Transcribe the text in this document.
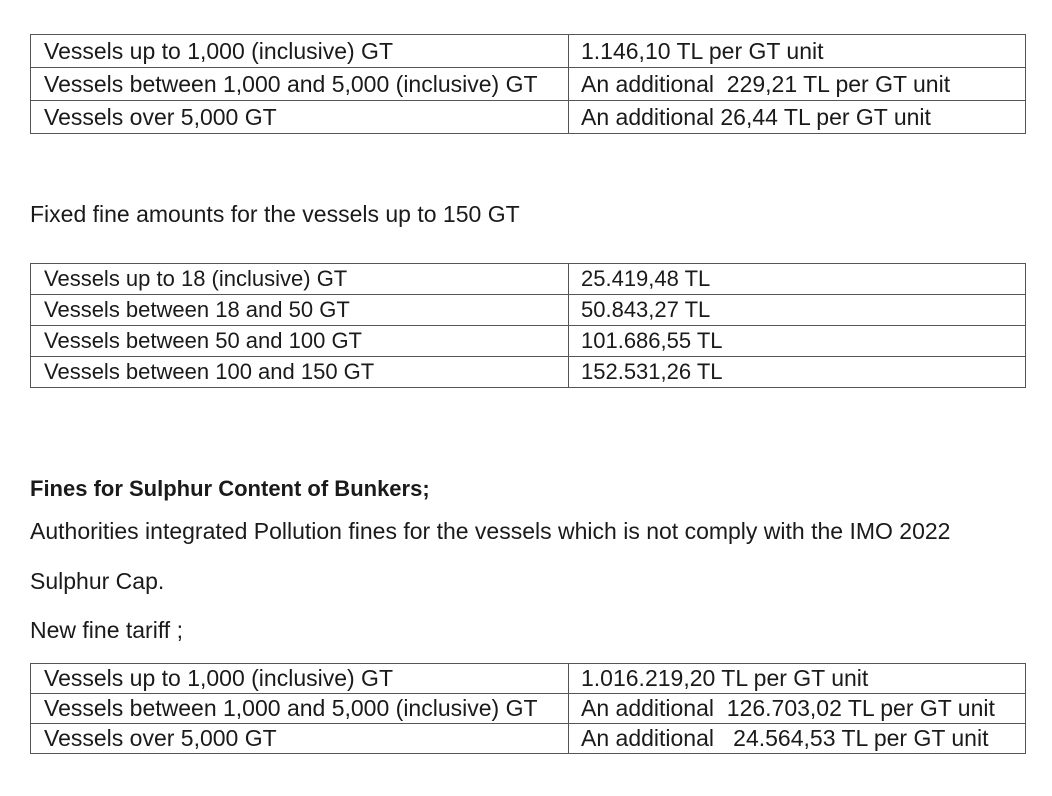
Vessels up to 1,000 (inclusive) GT	1.146,10 TL per GT unit
Vessels between 1,000 and 5,000 (inclusive) GT	An additional  229,21 TL per GT unit
Vessels over 5,000 GT	An additional 26,44 TL per GT unit

Fixed fine amounts for the vessels up to 150 GT

Vessels up to 18 (inclusive) GT	25.419,48 TL
Vessels between 18 and 50 GT	50.843,27 TL
Vessels between 50 and 100 GT	101.686,55 TL
Vessels between 100 and 150 GT	152.531,26 TL

Fines for Sulphur Content of Bunkers;

Authorities integrated Pollution fines for the vessels which is not comply with the IMO 2022

Sulphur Cap.

New fine tariff ;

Vessels up to 1,000 (inclusive) GT	1.016.219,20 TL per GT unit
Vessels between 1,000 and 5,000 (inclusive) GT	An additional  126.703,02 TL per GT unit
Vessels over 5,000 GT	An additional   24.564,53 TL per GT unit
